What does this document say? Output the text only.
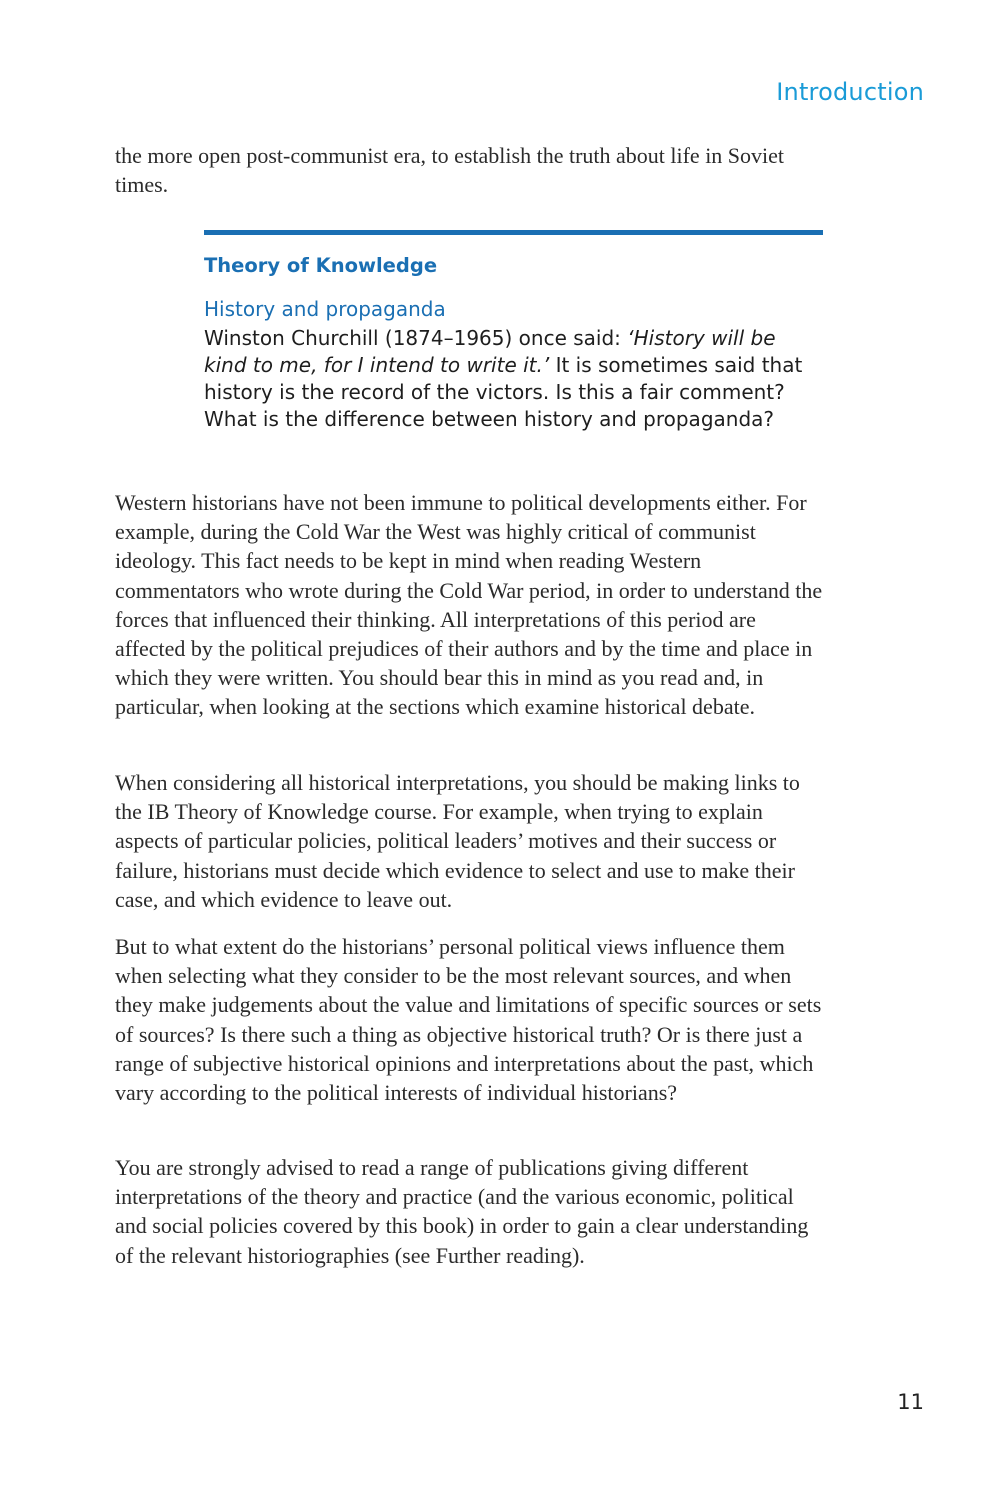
Introduction

the more open post-communist era, to establish the truth about life in Soviet times.

Theory of Knowledge
History and propaganda
Winston Churchill (1874–1965) once said: ‘History will be kind to me, for I intend to write it.’ It is sometimes said that history is the record of the victors. Is this a fair comment? What is the difference between history and propaganda?

Western historians have not been immune to political developments either. For example, during the Cold War the West was highly critical of communist ideology. This fact needs to be kept in mind when reading Western commentators who wrote during the Cold War period, in order to understand the forces that influenced their thinking. All interpretations of this period are affected by the political prejudices of their authors and by the time and place in which they were written. You should bear this in mind as you read and, in particular, when looking at the sections which examine historical debate.

When considering all historical interpretations, you should be making links to the IB Theory of Knowledge course. For example, when trying to explain aspects of particular policies, political leaders’ motives and their success or failure, historians must decide which evidence to select and use to make their case, and which evidence to leave out.

But to what extent do the historians’ personal political views influence them when selecting what they consider to be the most relevant sources, and when they make judgements about the value and limitations of specific sources or sets of sources? Is there such a thing as objective historical truth? Or is there just a range of subjective historical opinions and interpretations about the past, which vary according to the political interests of individual historians?

You are strongly advised to read a range of publications giving different interpretations of the theory and practice (and the various economic, political and social policies covered by this book) in order to gain a clear understanding of the relevant historiographies (see Further reading).

11
